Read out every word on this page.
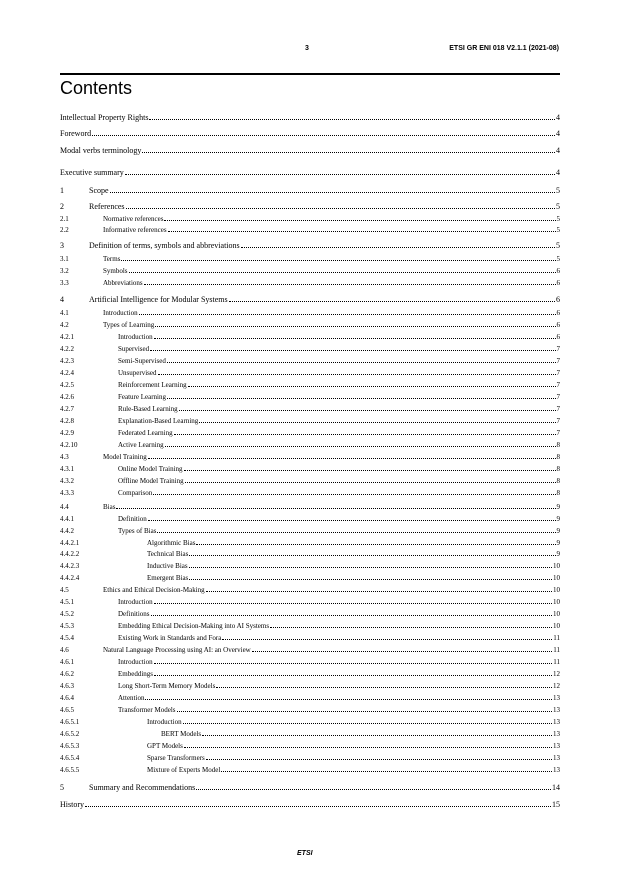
3	ETSI GR ENI 018 V2.1.1 (2021-08)
Contents
Intellectual Property Rights	4
Foreword	4
Modal verbs terminology	4
Executive summary	4
1	Scope	5
2	References	5
2.1	Normative references	5
2.2	Informative references	5
3	Definition of terms, symbols and abbreviations	5
3.1	Terms	5
3.2	Symbols	6
3.3	Abbreviations	6
4	Artificial Intelligence for Modular Systems	6
4.1	Introduction	6
4.2	Types of Learning	6
4.2.1	Introduction	6
4.2.2	Supervised	7
4.2.3	Semi-Supervised	7
4.2.4	Unsupervised	7
4.2.5	Reinforcement Learning	7
4.2.6	Feature Learning	7
4.2.7	Rule-Based Learning	7
4.2.8	Explanation-Based Learning	7
4.2.9	Federated Learning	7
4.2.10	Active Learning	8
4.3	Model Training	8
4.3.1	Online Model Training	8
4.3.2	Offline Model Training	8
4.3.3	Comparison	8
4.4	Bias	9
4.4.1	Definition	9
4.4.2	Types of Bias	9
4.4.2.1	Algorithmic Bias	9
4.4.2.2	Technical Bias	9
4.4.2.3	Inductive Bias	10
4.4.2.4	Emergent Bias	10
4.5	Ethics and Ethical Decision-Making	10
4.5.1	Introduction	10
4.5.2	Definitions	10
4.5.3	Embedding Ethical Decision-Making into AI Systems	10
4.5.4	Existing Work in Standards and Fora	11
4.6	Natural Language Processing using AI: an Overview	11
4.6.1	Introduction	11
4.6.2	Embeddings	12
4.6.3	Long Short-Term Memory Models	12
4.6.4	Attention	13
4.6.5	Transformer Models	13
4.6.5.1	Introduction	13
4.6.5.2	BERT Models	13
4.6.5.3	GPT Models	13
4.6.5.4	Sparse Transformers	13
4.6.5.5	Mixture of Experts Model	13
5	Summary and Recommendations	14
History	15
ETSI
